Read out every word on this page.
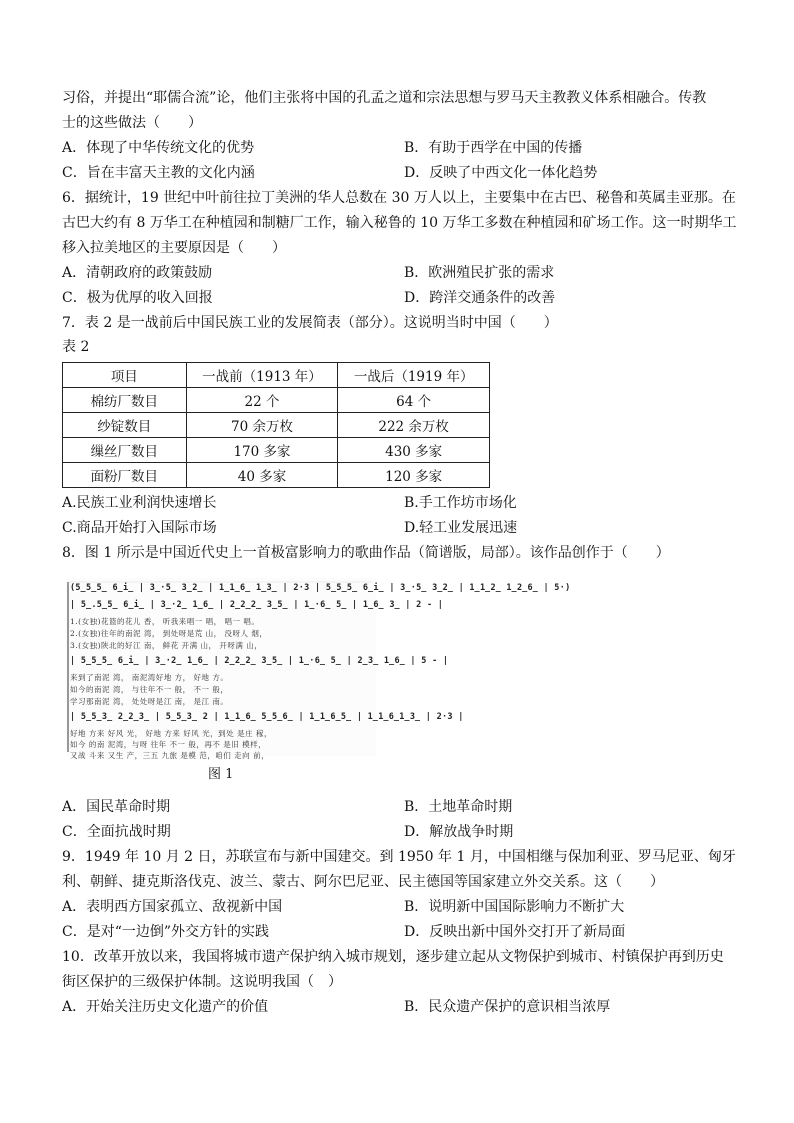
习俗，并提出“耶儒合流”论，他们主张将中国的孔孟之道和宗法思想与罗马天主教教义体系相融合。传教
士的这些做法（　　）
A．体现了中华传统文化的优势	B．有助于西学在中国的传播
C．旨在丰富天主教的文化内涵	D．反映了中西文化一体化趋势
6．据统计，19 世纪中叶前往拉丁美洲的华人总数在 30 万人以上，主要集中在古巴、秘鲁和英属圭亚那。在
古巴大约有 8 万华工在种植园和制糖厂工作，输入秘鲁的 10 万华工多数在种植园和矿场工作。这一时期华工
移入拉美地区的主要原因是（　　）
A．清朝政府的政策鼓励	B．欧洲殖民扩张的需求
C．极为优厚的收入回报	D．跨洋交通条件的改善
7．表 2 是一战前后中国民族工业的发展简表（部分）。这说明当时中国（　　）
表 2
项目	一战前（1913 年）	一战后（1919 年）
棉纺厂数目	22 个	64 个
纱锭数目	70 余万枚	222 余万枚
缫丝厂数目	170 多家	430 多家
面粉厂数目	40 多家	120 多家
A.民族工业利润快速增长	B.手工作坊市场化
C.商品开始打入国际市场	D.轻工业发展迅速
8．图 1 所示是中国近代史上一首极富影响力的歌曲作品（简谱版，局部）。该作品创作于（　　）
(5̲5̲5̲ 6̲i̲ | 3̲·5̲ 3̲2̲ | 1̲1̲6̲ 1̲3̲ | 2·3 | 5̲5̲5̲ 6̲i̲ | 3̲·5̲ 3̲2̲ | 1̲1̲2̲ 1̲2̲6̲ | 5·)
| 5̲.5̲5̲ 6̲i̲ | 3̲·2̲ 1̲6̲ | 2̲2̲2̲ 3̲5̲ | 1̲·6̲ 5̲ | 1̲6̲ 3̲ | 2 - |
1.(女独)花篮的花儿 香， 听我来唱一 唱， 唱一 唱。
2.(女独)往年的南泥 湾， 到处呀是荒 山， 没呀人 烟，
3.(女独)陕北的好江 南， 鲜花 开满 山， 开呀满 山，
| 5̲5̲5̲ 6̲i̲ | 3̲·2̲ 1̲6̲ | 2̲2̲2̲ 3̲5̲ | 1̲·6̲ 5̲ | 2̲3̲ 1̲6̲ | 5 - |
来到了南泥 湾， 南泥湾好地 方， 好地 方。
如今的南泥 湾， 与往年不一 般， 不一 般，
学习那南泥 湾， 处处呀是江 南， 是江 南。
| 5̲5̲3̲ 2̲2̲3̲ | 5̲5̲3̲ 2 | 1̲1̲6̲ 5̲5̲6̲ | 1̲1̲6̲5̲ | 1̲1̲6̲1̲3̲ | 2·3 |
好地 方来 好风 光， 好地 方来 好风 光，到处 是庄 稼，
如今 的南 泥湾，与呀 往年 不一 般，再不 是旧 模样，
又战 斗来 又生 产，三五 九旅 是模 范，咱们 走向 前，
图 1
A．国民革命时期	B．土地革命时期
C．全面抗战时期	D．解放战争时期
9．1949 年 10 月 2 日，苏联宣布与新中国建交。到 1950 年 1 月，中国相继与保加利亚、罗马尼亚、匈牙
利、朝鲜、捷克斯洛伐克、波兰、蒙古、阿尔巴尼亚、民主德国等国家建立外交关系。这（　　）
A．表明西方国家孤立、敌视新中国	B．说明新中国国际影响力不断扩大
C．是对“一边倒”外交方针的实践	D．反映出新中国外交打开了新局面
10．改革开放以来，我国将城市遗产保护纳入城市规划，逐步建立起从文物保护到城市、村镇保护再到历史
街区保护的三级保护体制。这说明我国（　）
A．开始关注历史文化遗产的价值	B．民众遗产保护的意识相当浓厚
